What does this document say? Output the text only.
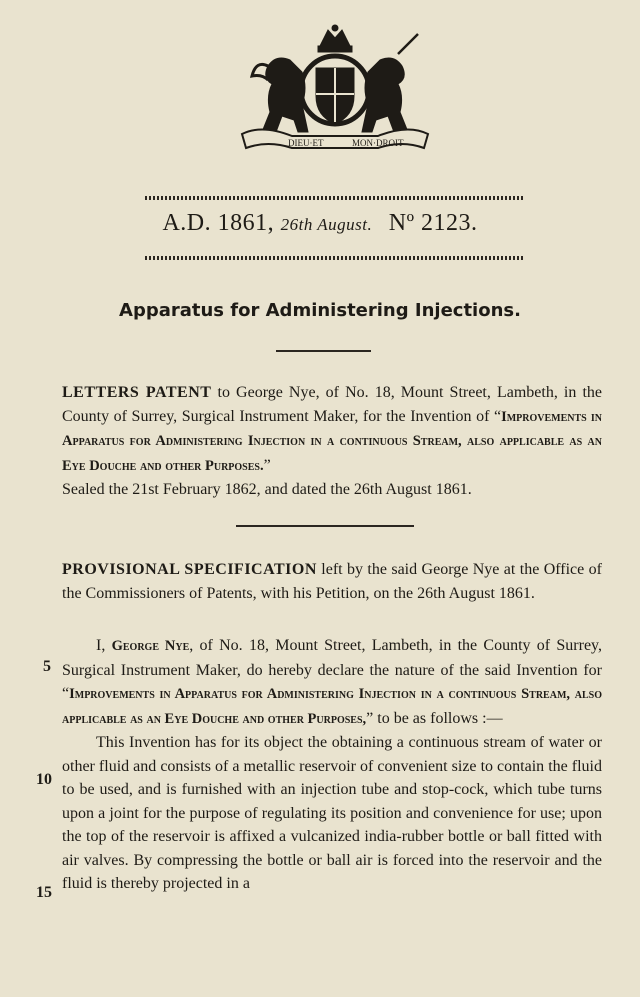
DIEU·ET	MON·DROIT
A.D. 1861, 26th August. Nº 2123.
Apparatus for Administering Injections.
LETTERS PATENT to George Nye, of No. 18, Mount Street, Lambeth, in the County of Surrey, Surgical Instrument Maker, for the Invention of “Improvements in Apparatus for Administering Injection in a continuous Stream, also applicable as an Eye Douche and other Purposes.”
Sealed the 21st February 1862, and dated the 26th August 1861.
PROVISIONAL SPECIFICATION left by the said George Nye at the Office of the Commissioners of Patents, with his Petition, on the 26th August 1861.
I, George Nye, of No. 18, Mount Street, Lambeth, in the County of Surrey, Surgical Instrument Maker, do hereby declare the nature of the said Invention for “Improvements in Apparatus for Administering Injection in a continuous Stream, also applicable as an Eye Douche and other Purposes,” to be as follows :—
This Invention has for its object the obtaining a continuous stream of water or other fluid and consists of a metallic reservoir of convenient size to contain the fluid to be used, and is furnished with an injection tube and stop-cock, which tube turns upon a joint for the purpose of regulating its position and convenience for use; upon the top of the reservoir is affixed a vulcanized india-rubber bottle or ball fitted with air valves. By compressing the bottle or ball air is forced into the reservoir and the fluid is thereby projected in a
5
10
15
